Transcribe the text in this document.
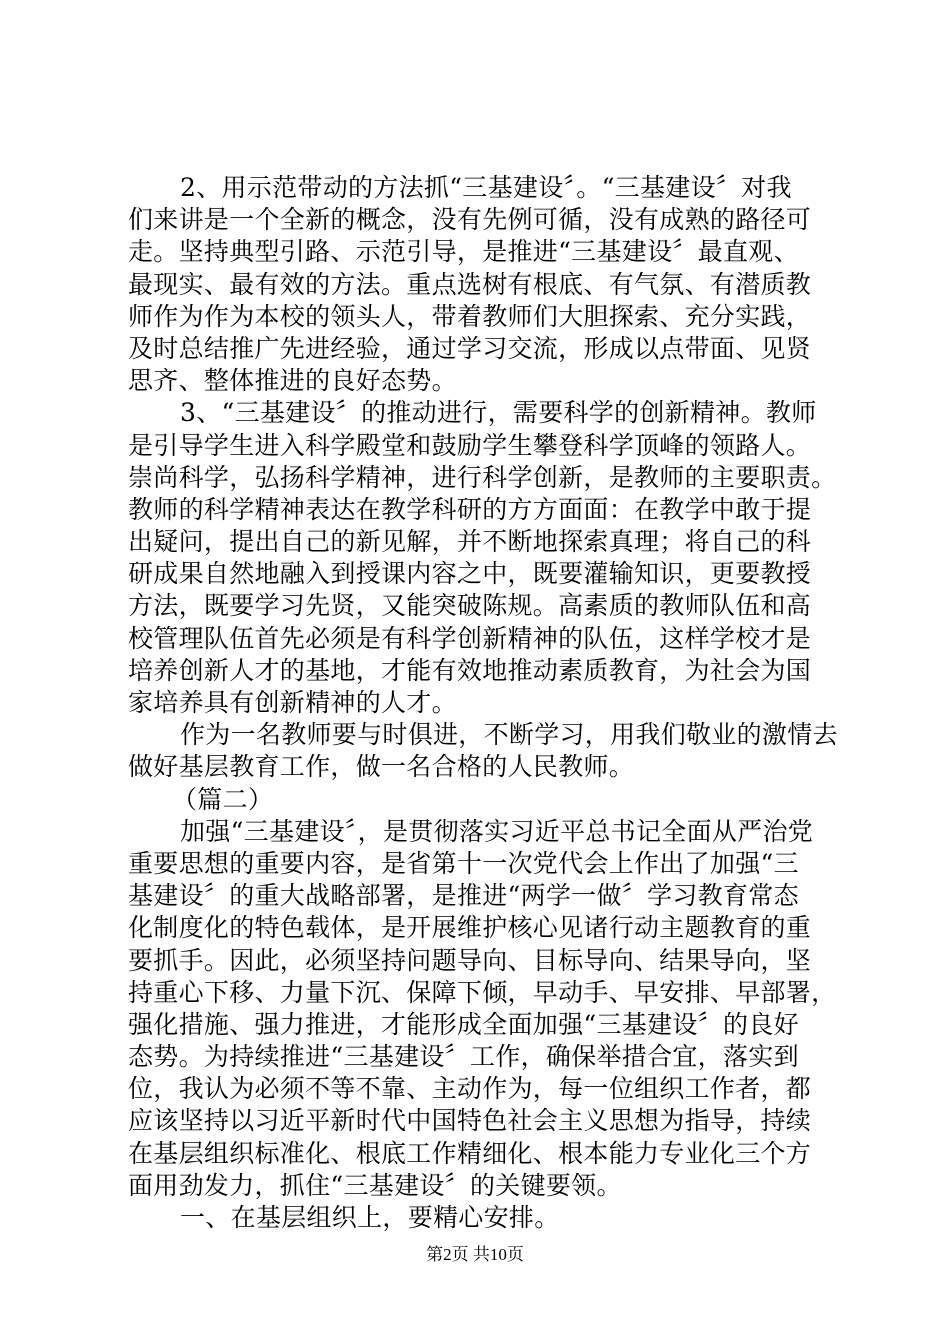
2、用示范带动的方法抓“三基建设〞。“三基建设〞对我
们来讲是一个全新的概念，没有先例可循，没有成熟的路径可
走。坚持典型引路、示范引导，是推进“三基建设〞最直观、
最现实、最有效的方法。重点选树有根底、有气氛、有潜质教
师作为作为本校的领头人，带着教师们大胆探索、充分实践，
及时总结推广先进经验，通过学习交流，形成以点带面、见贤
思齐、整体推进的良好态势。
3、“三基建设〞的推动进行，需要科学的创新精神。教师
是引导学生进入科学殿堂和鼓励学生攀登科学顶峰的领路人。
崇尚科学，弘扬科学精神，进行科学创新，是教师的主要职责。
教师的科学精神表达在教学科研的方方面面：在教学中敢于提
出疑问，提出自己的新见解，并不断地探索真理；将自己的科
研成果自然地融入到授课内容之中，既要灌输知识，更要教授
方法，既要学习先贤，又能突破陈规。高素质的教师队伍和高
校管理队伍首先必须是有科学创新精神的队伍，这样学校才是
培养创新人才的基地，才能有效地推动素质教育，为社会为国
家培养具有创新精神的人才。
作为一名教师要与时俱进，不断学习，用我们敬业的激情去
做好基层教育工作，做一名合格的人民教师。
（篇二）
加强“三基建设〞，是贯彻落实习近平总书记全面从严治党
重要思想的重要内容，是省第十一次党代会上作出了加强“三
基建设〞的重大战略部署，是推进“两学一做〞学习教育常态
化制度化的特色载体，是开展维护核心见诸行动主题教育的重
要抓手。因此，必须坚持问题导向、目标导向、结果导向，坚
持重心下移、力量下沉、保障下倾，早动手、早安排、早部署，
强化措施、强力推进，才能形成全面加强“三基建设〞的良好
态势。为持续推进“三基建设〞工作，确保举措合宜，落实到
位，我认为必须不等不靠、主动作为，每一位组织工作者，都
应该坚持以习近平新时代中国特色社会主义思想为指导，持续
在基层组织标准化、根底工作精细化、根本能力专业化三个方
面用劲发力，抓住“三基建设〞的关键要领。
一、在基层组织上，要精心安排。
第2页 共10页
